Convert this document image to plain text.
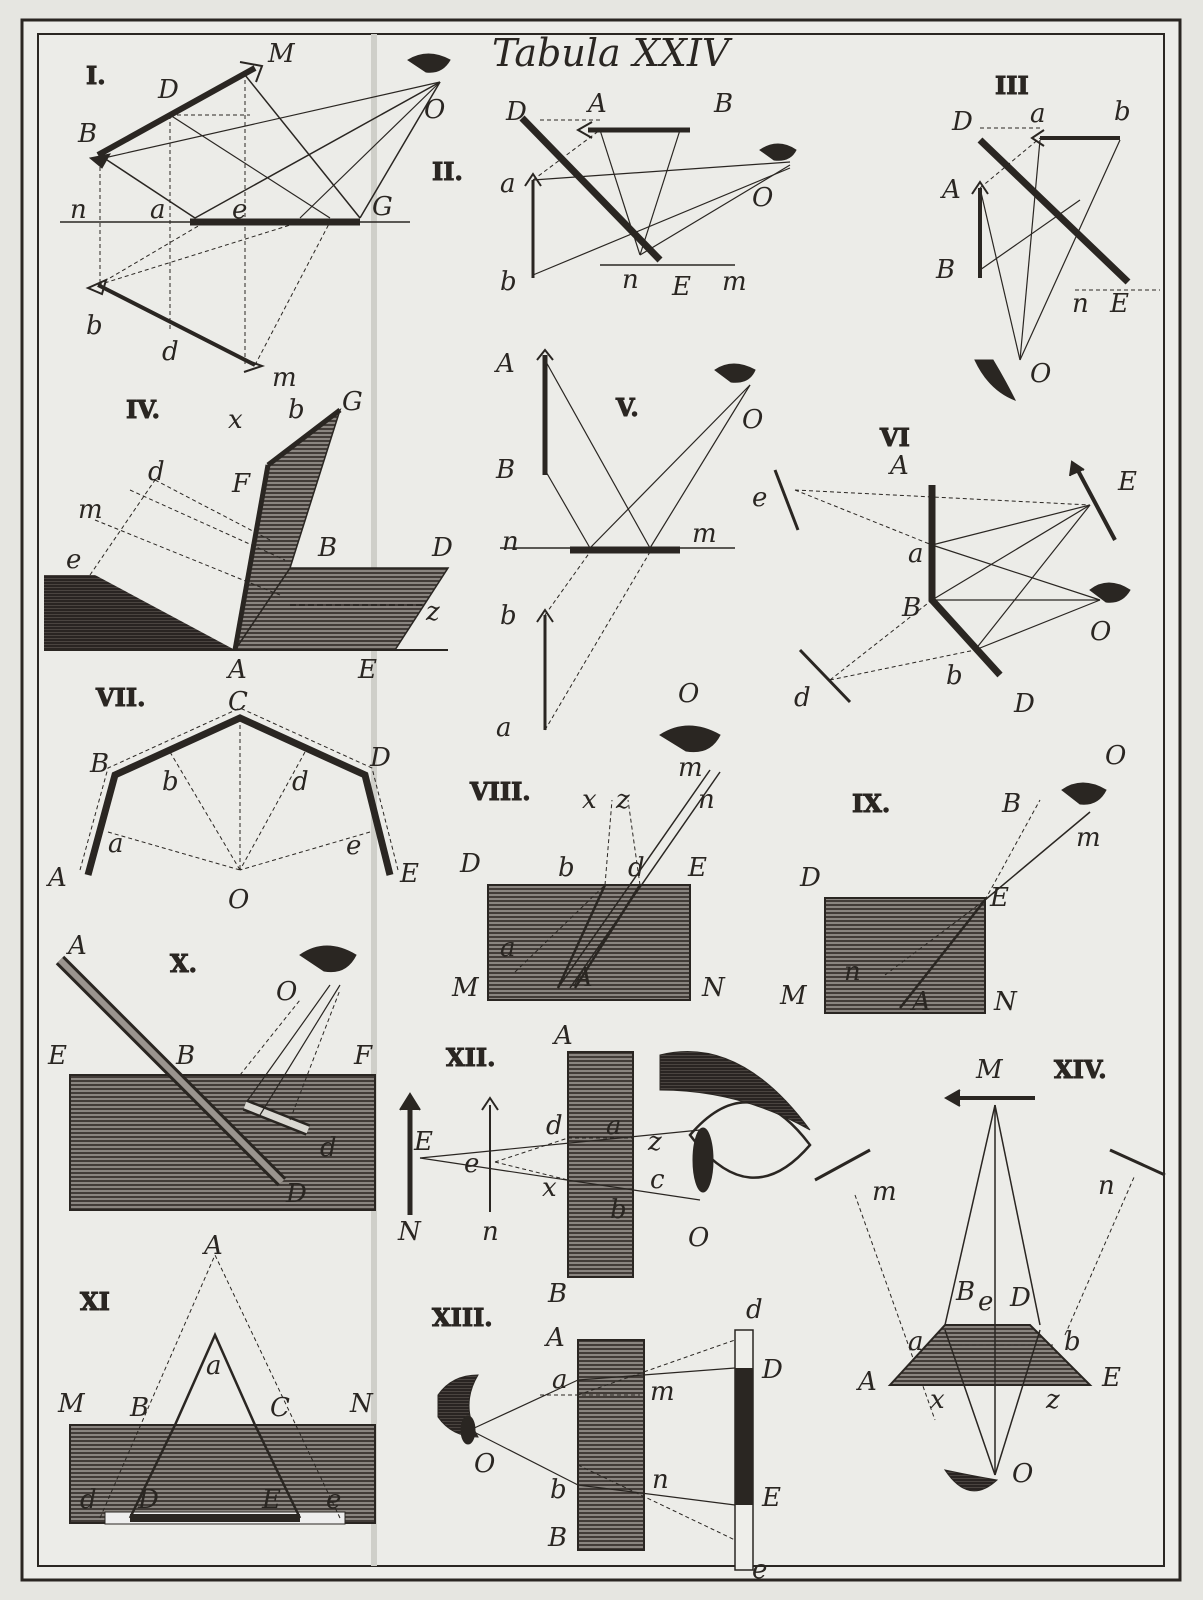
Tabula XXIV
I.
M
D
B
O
n a	e	G
b
d
m
II.
D A	B
a	O
b	n E m
III
D a	b
A
B
n E
O
IV.	x b G
d	F
m
e	B	D
z
A	E
V.
A
O
B
n	m
b
a
VI
A
E
e
a
B
O
d
b
D
VII.	C
B	D
b	d
a	e
A	E
O
VIII.
O
m
x z	n
D	b d E
a
M	A	N
IX.
O
B
m
D
E
n
M	A N
X.
A
O
E	B	F
d
D
XI
A
a
M B	C N
d D	E e
XII.
A
E
d a
z
e
x	c
N n
b
O
B
m
XIII.	d
A
a	m
D
O
b	n
E
B
e
XIV.
M
n
B e D
a	b
A	E
x	z
O
